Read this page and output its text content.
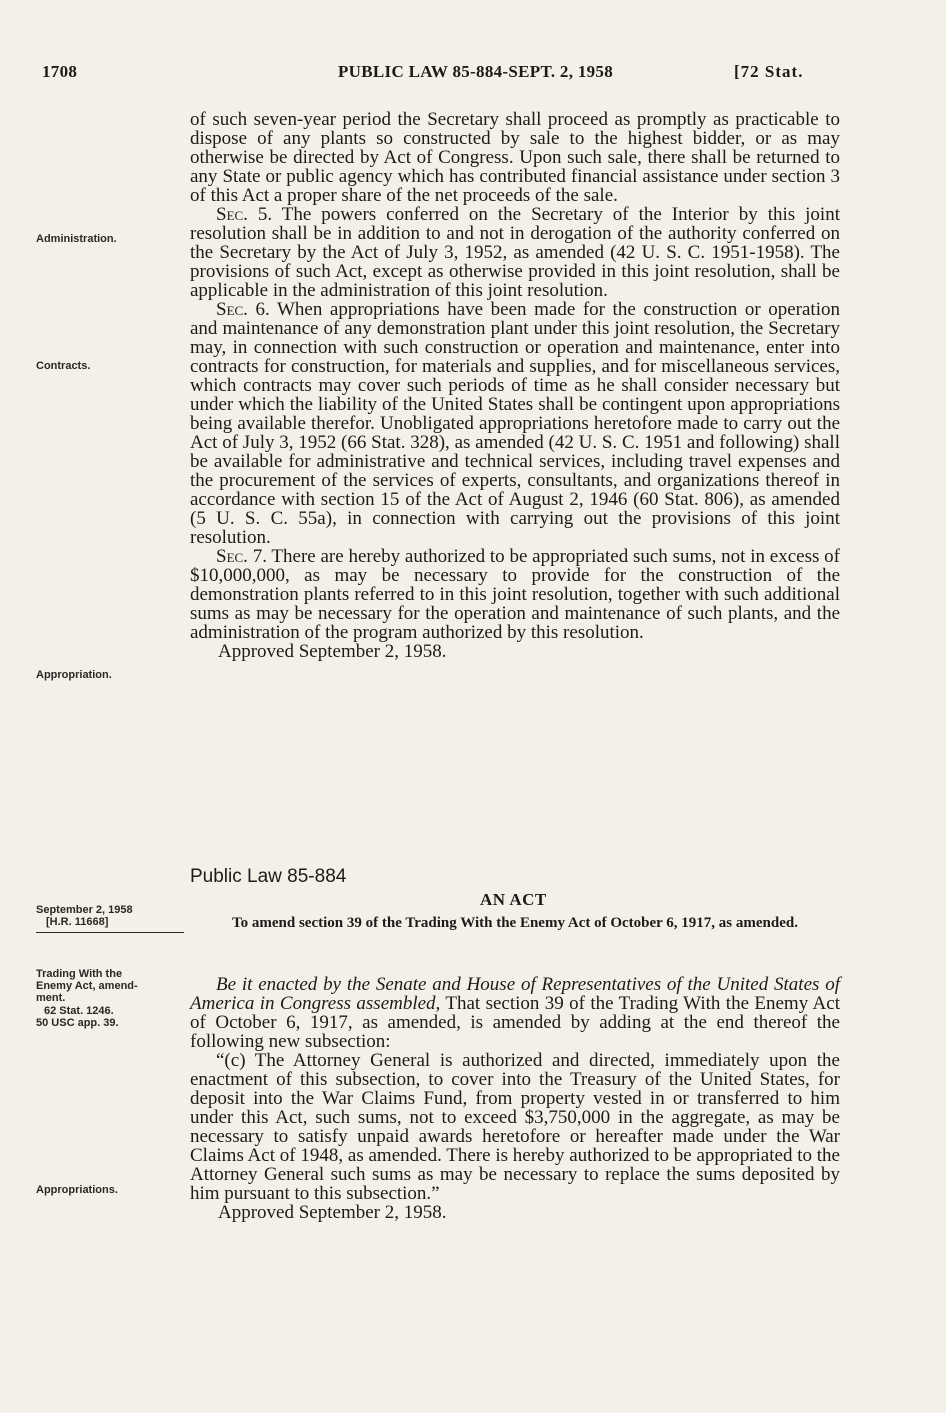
1708	PUBLIC LAW 85-884-SEPT. 2, 1958	[72 Stat.
Administration.
Contracts.
Appropriation.
September 2, 1958
[H.R. 11668]
Trading With the
Enemy Act, amend-
ment.
62 Stat. 1246.
50 USC app. 39.
Appropriations.

of such seven-year period the Secretary shall proceed as promptly as practicable to dispose of any plants so constructed by sale to the highest bidder, or as may otherwise be directed by Act of Congress. Upon such sale, there shall be returned to any State or public agency which has contributed financial assistance under section 3 of this Act a proper share of the net proceeds of the sale.

Sec. 5. The powers conferred on the Secretary of the Interior by this joint resolution shall be in addition to and not in derogation of the authority conferred on the Secretary by the Act of July 3, 1952, as amended (42 U. S. C. 1951-1958). The provisions of such Act, except as otherwise provided in this joint resolution, shall be applicable in the administration of this joint resolution.

Sec. 6. When appropriations have been made for the construction or operation and maintenance of any demonstration plant under this joint resolution, the Secretary may, in connection with such construction or operation and maintenance, enter into contracts for construction, for materials and supplies, and for miscellaneous services, which contracts may cover such periods of time as he shall consider necessary but under which the liability of the United States shall be contingent upon appropriations being available therefor. Unobligated appropriations heretofore made to carry out the Act of July 3, 1952 (66 Stat. 328), as amended (42 U. S. C. 1951 and following) shall be available for administrative and technical services, including travel expenses and the procurement of the services of experts, consultants, and organizations thereof in accordance with section 15 of the Act of August 2, 1946 (60 Stat. 806), as amended (5 U. S. C. 55a), in connection with carrying out the provisions of this joint resolution.

Sec. 7. There are hereby authorized to be appropriated such sums, not in excess of $10,000,000, as may be necessary to provide for the construction of the demonstration plants referred to in this joint resolution, together with such additional sums as may be necessary for the operation and maintenance of such plants, and the administration of the program authorized by this resolution.

Approved September 2, 1958.

Public Law 85-884
AN ACT
To amend section 39 of the Trading With the Enemy Act of October 6, 1917, as amended.

Be it enacted by the Senate and House of Representatives of the United States of America in Congress assembled, That section 39 of the Trading With the Enemy Act of October 6, 1917, as amended, is amended by adding at the end thereof the following new subsection:

“(c) The Attorney General is authorized and directed, immediately upon the enactment of this subsection, to cover into the Treasury of the United States, for deposit into the War Claims Fund, from property vested in or transferred to him under this Act, such sums, not to exceed $3,750,000 in the aggregate, as may be necessary to satisfy unpaid awards heretofore or hereafter made under the War Claims Act of 1948, as amended. There is hereby authorized to be appropriated to the Attorney General such sums as may be necessary to replace the sums deposited by him pursuant to this subsection.”

Approved September 2, 1958.
